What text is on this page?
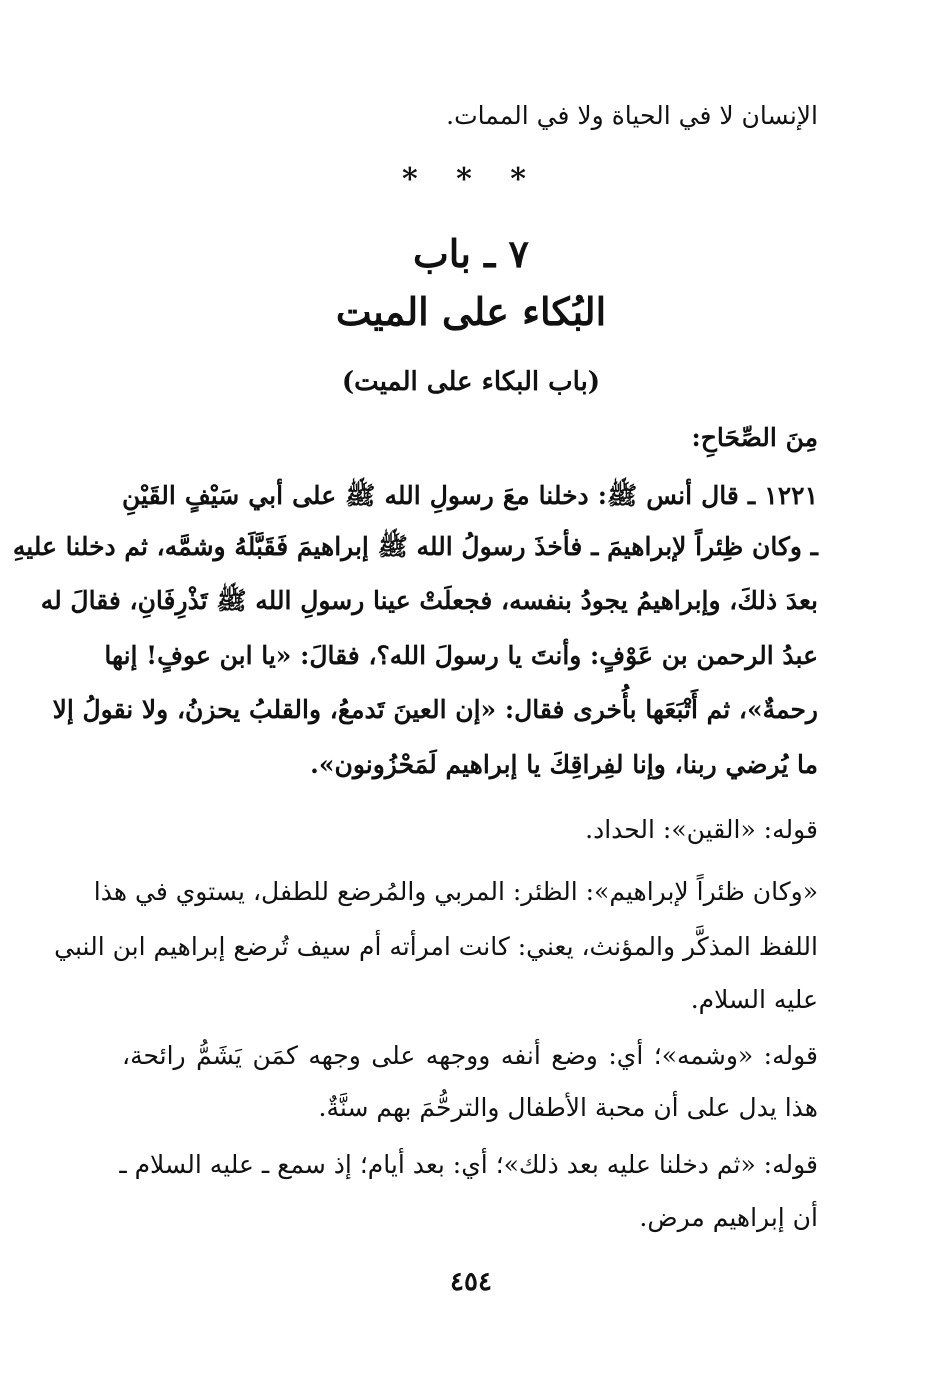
الإنسان لا في الحياة ولا في الممات.
* * *
٧ ـ باب
البُكاء على الميت
(باب البكاء على الميت)
مِنَ الصِّحَاحِ:
١٢٢١ ـ قال أنس ﷺ: دخلنا معَ رسولِ الله ﷺ على أبي سَيْفٍ القَيْنِ
ـ وكان ظِئراً لإبراهيمَ ـ فأخذَ رسولُ الله ﷺ إبراهيمَ فَقَبَّلَهُ وشمَّه، ثم دخلنا عليهِ
بعدَ ذلكَ، وإبراهيمُ يجودُ بنفسه، فجعلَتْ عينا رسولِ الله ﷺ تَذْرِفَانِ، فقالَ له
عبدُ الرحمن بن عَوْفٍ: وأنتَ يا رسولَ الله؟، فقالَ: «يا ابن عوفٍ! إنها
رحمةٌ»، ثم أَتْبَعَها بأُخرى فقال: «إن العينَ تَدمعُ، والقلبُ يحزنُ، ولا نقولُ إلا
ما يُرضي ربنا، وإنا لفِراقِكَ يا إبراهيم لَمَحْزُونون».
قوله: «القين»: الحداد.
«وكان ظئراً لإبراهيم»: الظئر: المربي والمُرضع للطفل، يستوي في هذا
اللفظ المذكَّر والمؤنث، يعني: كانت امرأته أم سيف تُرضع إبراهيم ابن النبي
عليه السلام.
قوله: «وشمه»؛ أي: وضع أنفه ووجهه على وجهه كمَن يَشَمُّ رائحة،
هذا يدل على أن محبة الأطفال والترحُّمَ بهم سنَّةٌ.
قوله: «ثم دخلنا عليه بعد ذلك»؛ أي: بعد أيام؛ إذ سمع ـ عليه السلام ـ
أن إبراهيم مرض.
٤٥٤
